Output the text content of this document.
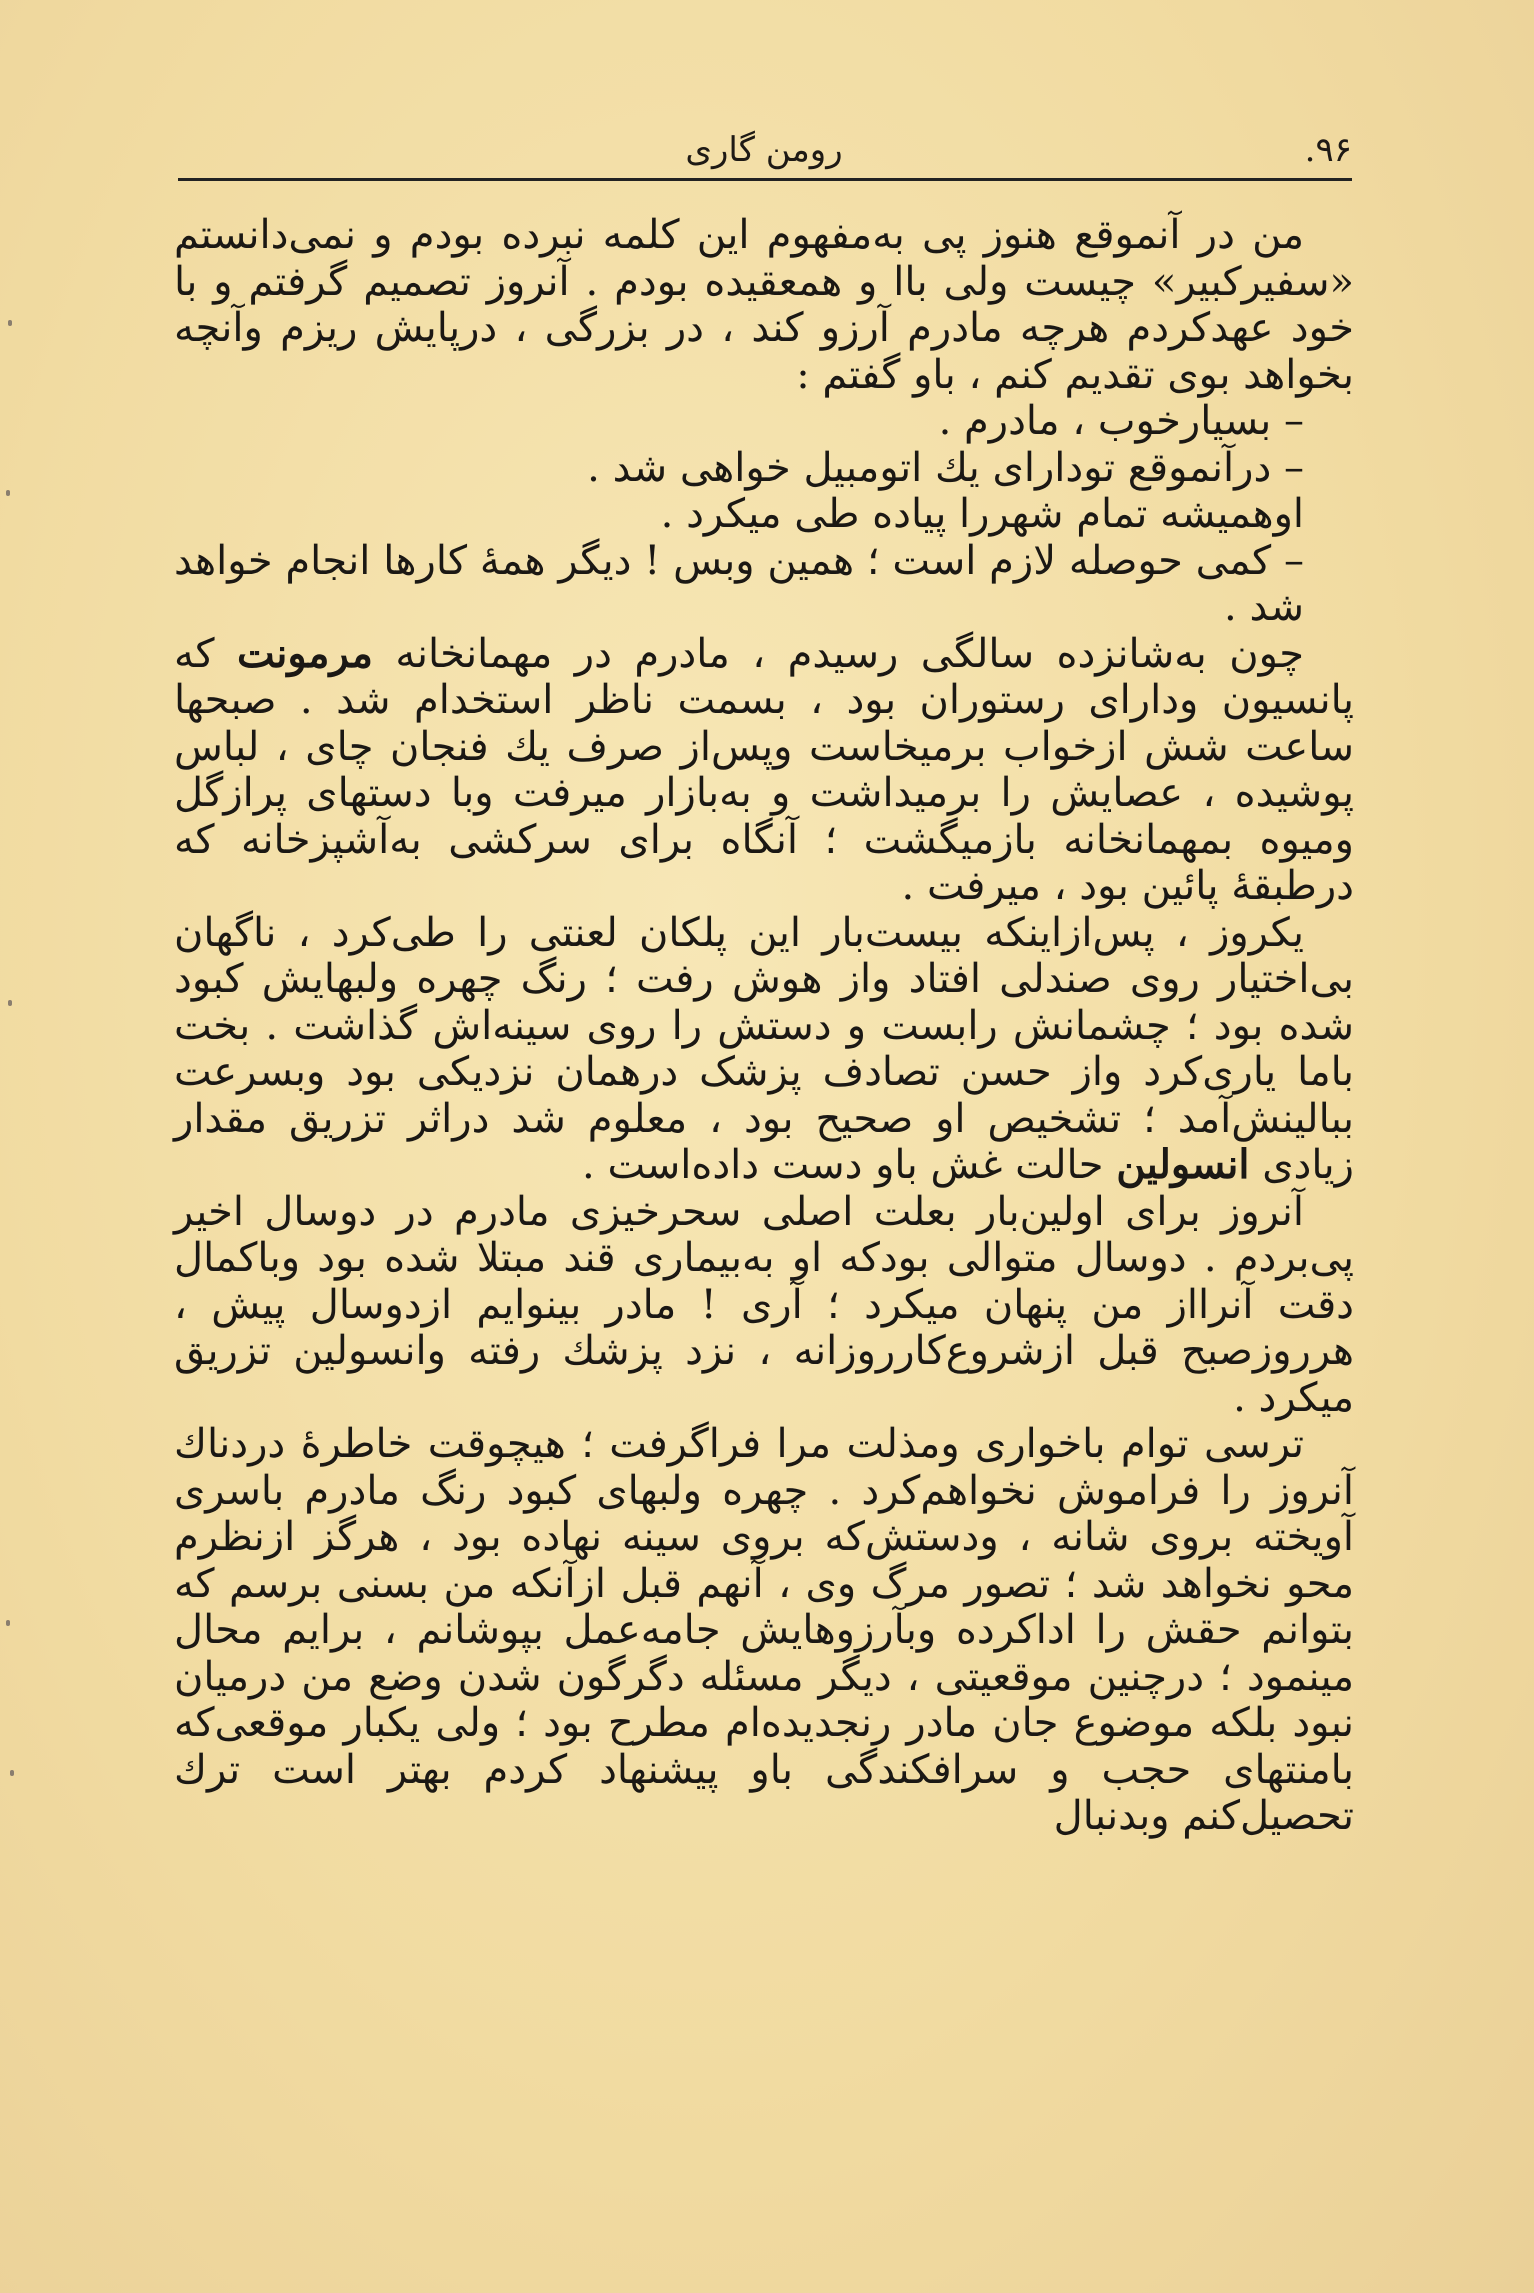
۹۶.
رومن گاری

من در آنموقع هنوز پی به‌مفهوم این کلمه نبرده بودم و نمی‌دانستم «سفیرکبیر» چیست ولی باا و همعقیده بودم . آنروز تصمیم گرفتم و با خود عهدکردم هرچه مادرم آرزو کند ، در بزرگی ، درپایش ریزم وآنچه بخواهد بوی تقدیم کنم ، باو گفتم :

– بسیارخوب ، مادرم .

– درآنموقع تودارای یك اتومبیل خواهی شد .

اوهمیشه تمام شهررا پیاده طی میکرد .

– کمی حوصله لازم است ؛ همین وبس ! دیگر همهٔ کارها انجام خواهد شد .

چون به‌شانزده سالگی رسیدم ، مادرم در مهمانخانه مرمونت که پانسیون ودارای رستوران بود ، بسمت ناظر استخدام شد . صبحها ساعت شش ازخواب برمیخاست وپس‌از صرف یك فنجان چای ، لباس پوشیده ، عصایش را برمیداشت و به‌بازار میرفت وبا دستهای پرازگل ومیوه بمهمانخانه بازمیگشت ؛ آنگاه برای سرکشی به‌آشپزخانه که درطبقهٔ پائین بود ، میرفت .

یکروز ، پس‌ازاینکه بیست‌بار این پلکان لعنتی را طی‌کرد ، ناگهان بی‌اختیار روی صندلی افتاد واز هوش رفت ؛ رنگ چهره ولبهایش کبود شده بود ؛ چشمانش رابست و دستش را روی سینه‌اش گذاشت . بخت باما یاری‌کرد واز حسن تصادف پزشک درهمان نزدیکی بود وبسرعت ببالینش‌آمد ؛ تشخیص او صحیح بود ، معلوم شد دراثر تزریق مقدار زیادی انسولین حالت غش باو دست داده‌است .

آنروز برای اولین‌بار بعلت اصلی سحرخیزی مادرم در دوسال اخیر پی‌بردم . دوسال متوالی بودکه او به‌بیماری قند مبتلا شده بود وباکمال دقت آنرااز من پنهان میکرد ؛ آری ! مادر بینوایم ازدوسال پیش ، هرروزصبح قبل ازشروع‌کارروزانه ، نزد پزشك رفته وانسولین تزریق میکرد .

ترسی توام باخواری ومذلت مرا فراگرفت ؛ هیچوقت خاطرهٔ دردناك آنروز را فراموش نخواهم‌کرد . چهره ولبهای کبود رنگ مادرم باسری آویخته بروی شانه ، ودستش‌که بروی سینه نهاده بود ، هرگز ازنظرم محو نخواهد شد ؛ تصور مرگ وی ، آنهم قبل ازآنکه من بسنی برسم که بتوانم حقش را اداکرده وبآرزوهایش جامه‌عمل بپوشانم ، برایم محال مینمود ؛ درچنین موقعیتی ، دیگر مسئله دگرگون شدن وضع من درمیان نبود بلکه موضوع جان مادر رنجدیده‌ام مطرح بود ؛ ولی یکبار موقعی‌که بامنتهای حجب و سرافکندگی باو پیشنهاد کردم بهتر است ترك تحصیل‌کنم وبدنبال
